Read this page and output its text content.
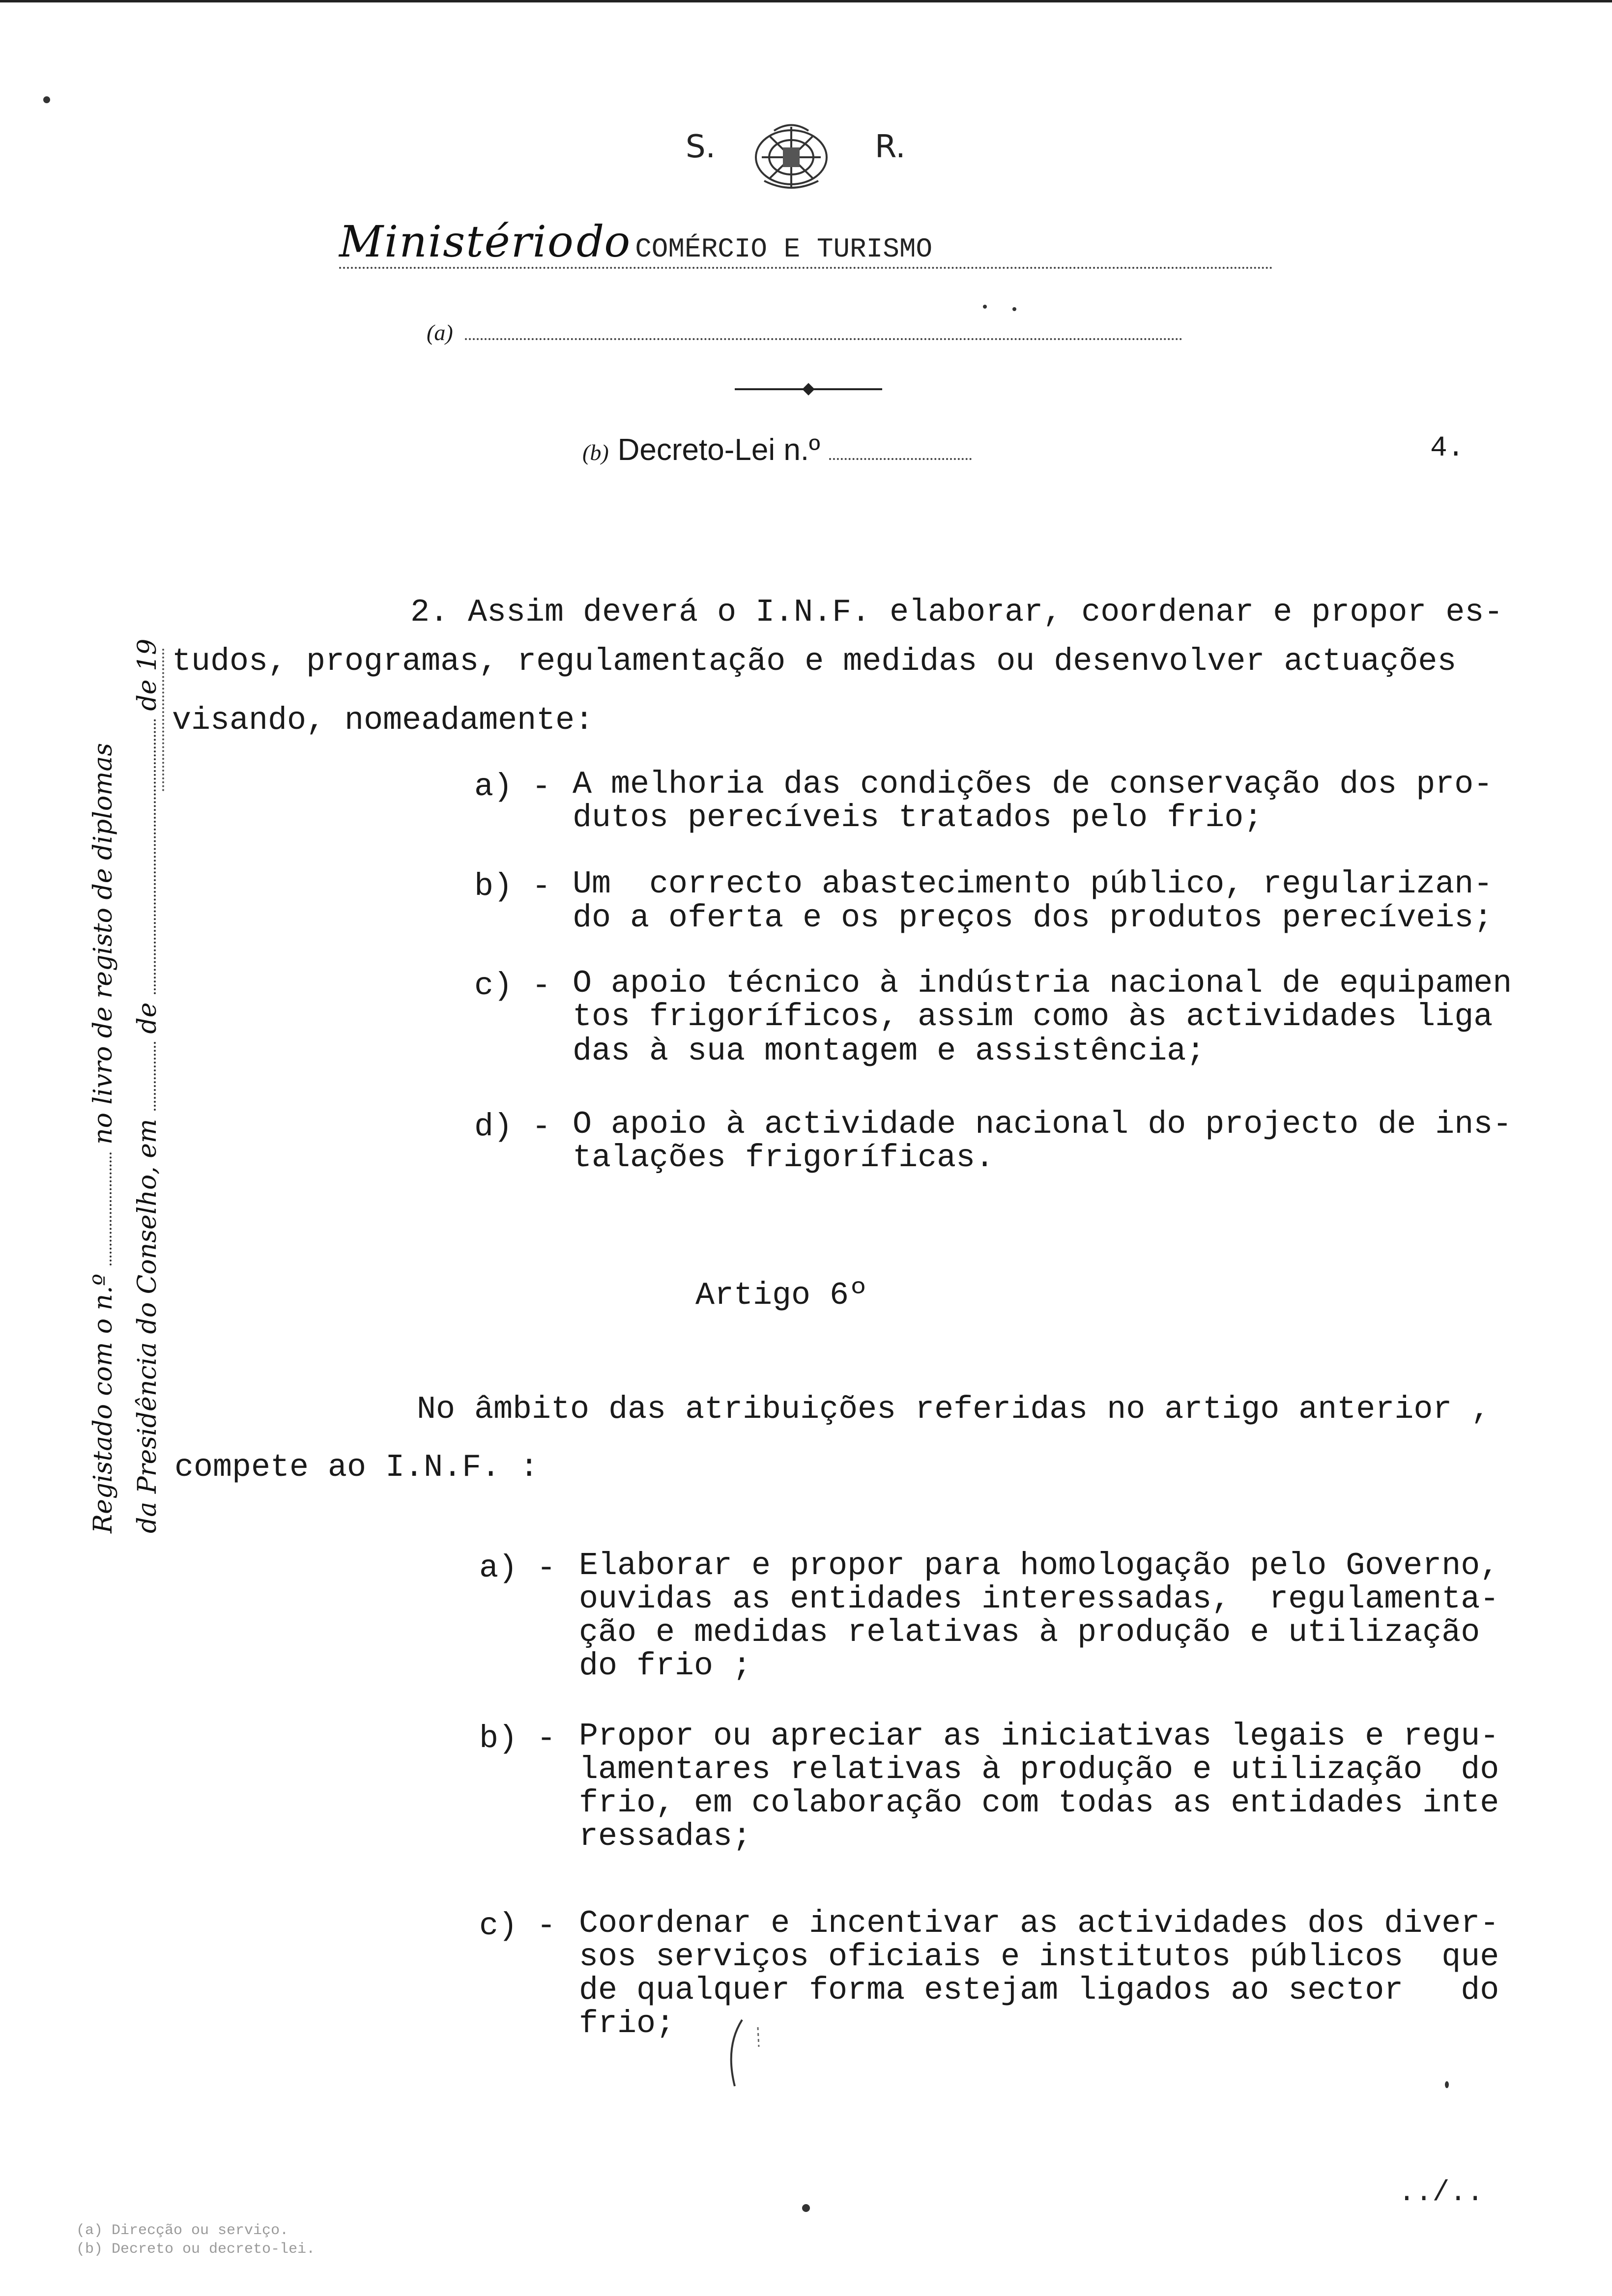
S.	R.
Ministério do COMÉRCIO E TURISMO
(a)
(b) Decreto-Lei n.º	4.
2. Assim deverá o I.N.F. elaborar, coordenar e propor es-
tudos, programas, regulamentação e medidas ou desenvolver actuações
visando, nomeadamente:
a) - A melhoria das condições de conservação dos pro-
dutos perecíveis tratados pelo frio;
b) - Um  correcto abastecimento público, regularizan-
do a oferta e os preços dos produtos perecíveis;
c) - O apoio técnico à indústria nacional de equipamen
tos frigoríficos, assim como às actividades liga
das à sua montagem e assistência;
d) - O apoio à actividade nacional do projecto de ins-
talações frigoríficas.
Artigo 6º
No âmbito das atribuições referidas no artigo anterior ,
compete ao I.N.F. :
a) - Elaborar e propor para homologação pelo Governo,
ouvidas as entidades interessadas,  regulamenta-
ção e medidas relativas à produção e utilização
do frio ;
b) - Propor ou apreciar as iniciativas legais e regu-
lamentares relativas à produção e utilização  do
frio, em colaboração com todas as entidades inte
ressadas;
c) - Coordenar e incentivar as actividades dos diver-
sos serviços oficiais e institutos públicos  que
de qualquer forma estejam ligados ao sector   do
frio;
Registado com o n.º  no livro de registo de diplomas
da Presidência do Conselho, em  de  de 19
../..
(a) Direcção ou serviço.
(b) Decreto ou decreto-lei.
